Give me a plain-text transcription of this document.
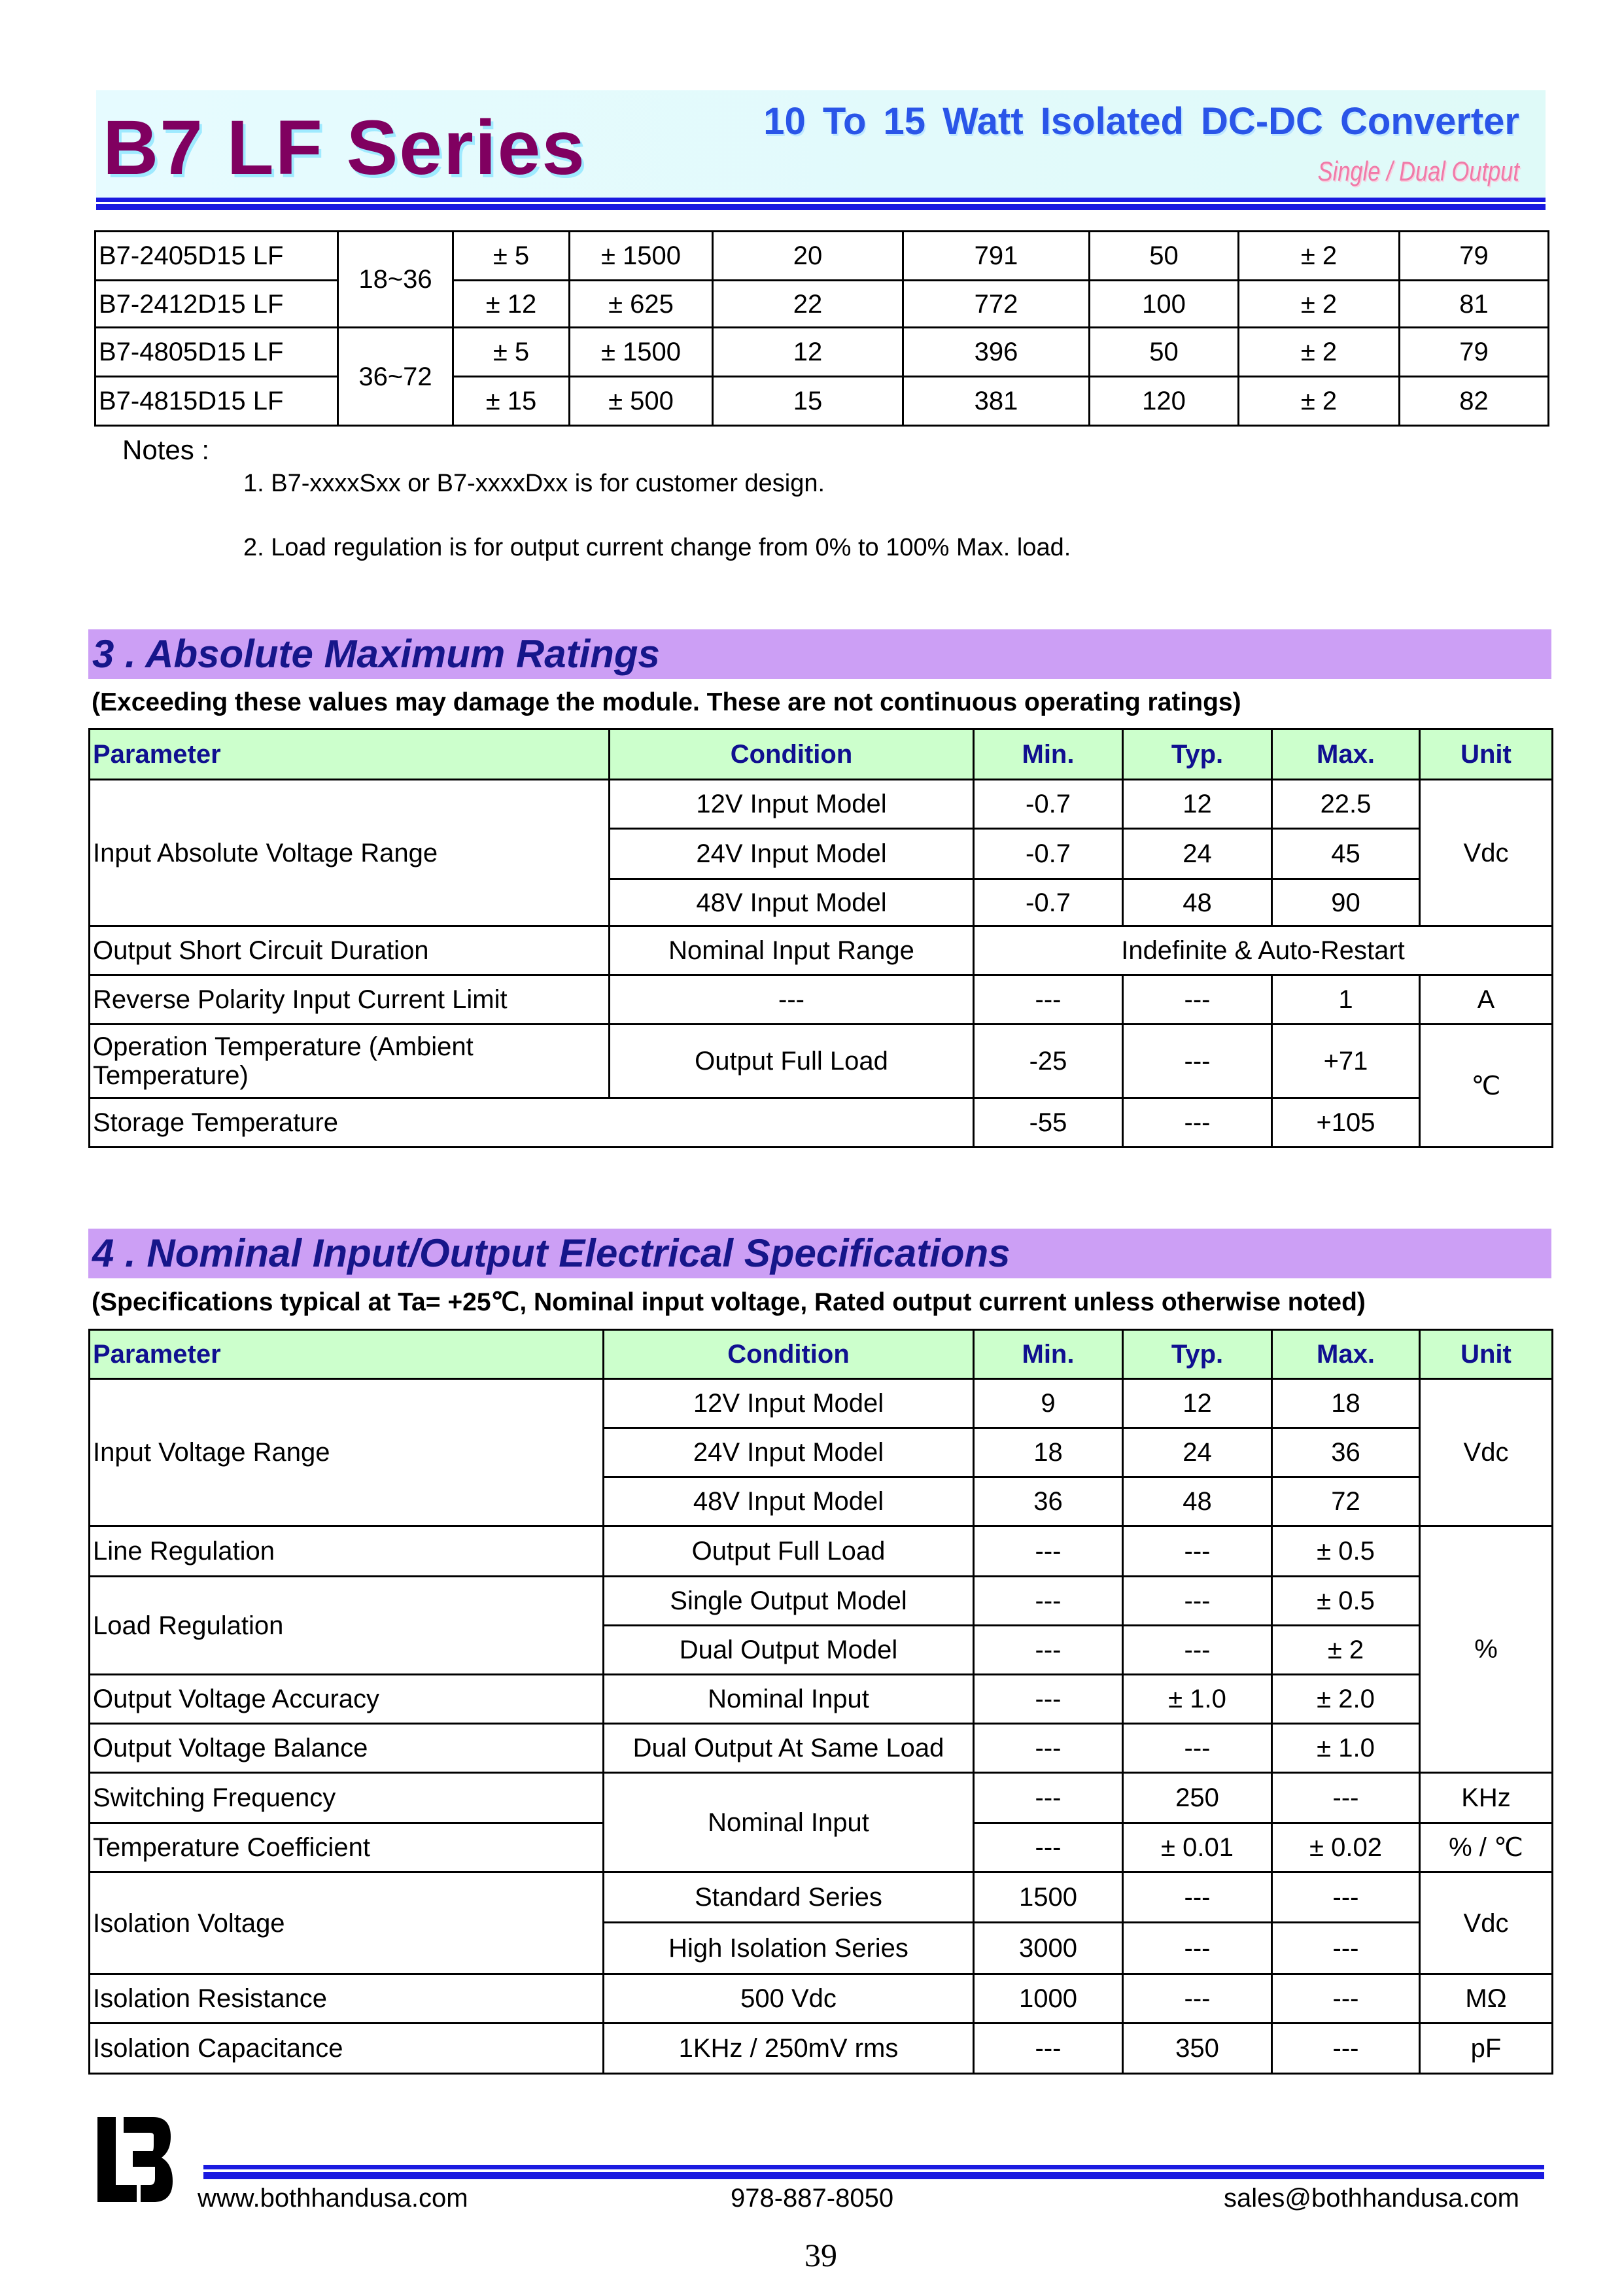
B7 LF Series	10 To 15 Watt Isolated DC-DC Converter
Single / Dual Output
B7-2405D15 LF	18~36	± 5	± 1500	20	791	50	± 2	79
B7-2412D15 LF		± 12	± 625	22	772	100	± 2	81
B7-4805D15 LF	36~72	± 5	± 1500	12	396	50	± 2	79
B7-4815D15 LF		± 15	± 500	15	381	120	± 2	82
Notes :
1. B7-xxxxSxx or B7-xxxxDxx is for customer design.
2. Load regulation is for output current change from 0% to 100% Max. load.
3 . Absolute Maximum Ratings
(Exceeding these values may damage the module. These are not continuous operating ratings)
Parameter	Condition	Min.	Typ.	Max.	Unit
Input Absolute Voltage Range	12V Input Model	-0.7	12	22.5	Vdc
	24V Input Model	-0.7	24	45	
	48V Input Model	-0.7	48	90	
Output Short Circuit Duration	Nominal Input Range	Indefinite & Auto-Restart			
Reverse Polarity Input Current Limit	---	---	---	1	A
Operation Temperature (Ambient Temperature)	Output Full Load	-25	---	+71	℃
Storage Temperature		-55	---	+105	
4 . Nominal Input/Output Electrical Specifications
(Specifications typical at Ta= +25℃, Nominal input voltage, Rated output current unless otherwise noted)
Parameter	Condition	Min.	Typ.	Max.	Unit
Input Voltage Range	12V Input Model	9	12	18	Vdc
	24V Input Model	18	24	36	
	48V Input Model	36	48	72	
Line Regulation	Output Full Load	---	---	± 0.5	%
Load Regulation	Single Output Model	---	---	± 0.5	
	Dual Output Model	---	---	± 2	
Output Voltage Accuracy	Nominal Input	---	± 1.0	± 2.0	
Output Voltage Balance	Dual Output At Same Load	---	---	± 1.0	
Switching Frequency	Nominal Input	---	250	---	KHz
Temperature Coefficient		---	± 0.01	± 0.02	% / ℃
Isolation Voltage	Standard Series	1500	---	---	Vdc
	High Isolation Series	3000	---	---	
Isolation Resistance	500 Vdc	1000	---	---	MΩ
Isolation Capacitance	1KHz / 250mV rms	---	350	---	pF
www.bothhandusa.com	978-887-8050	sales@bothhandusa.com
39
